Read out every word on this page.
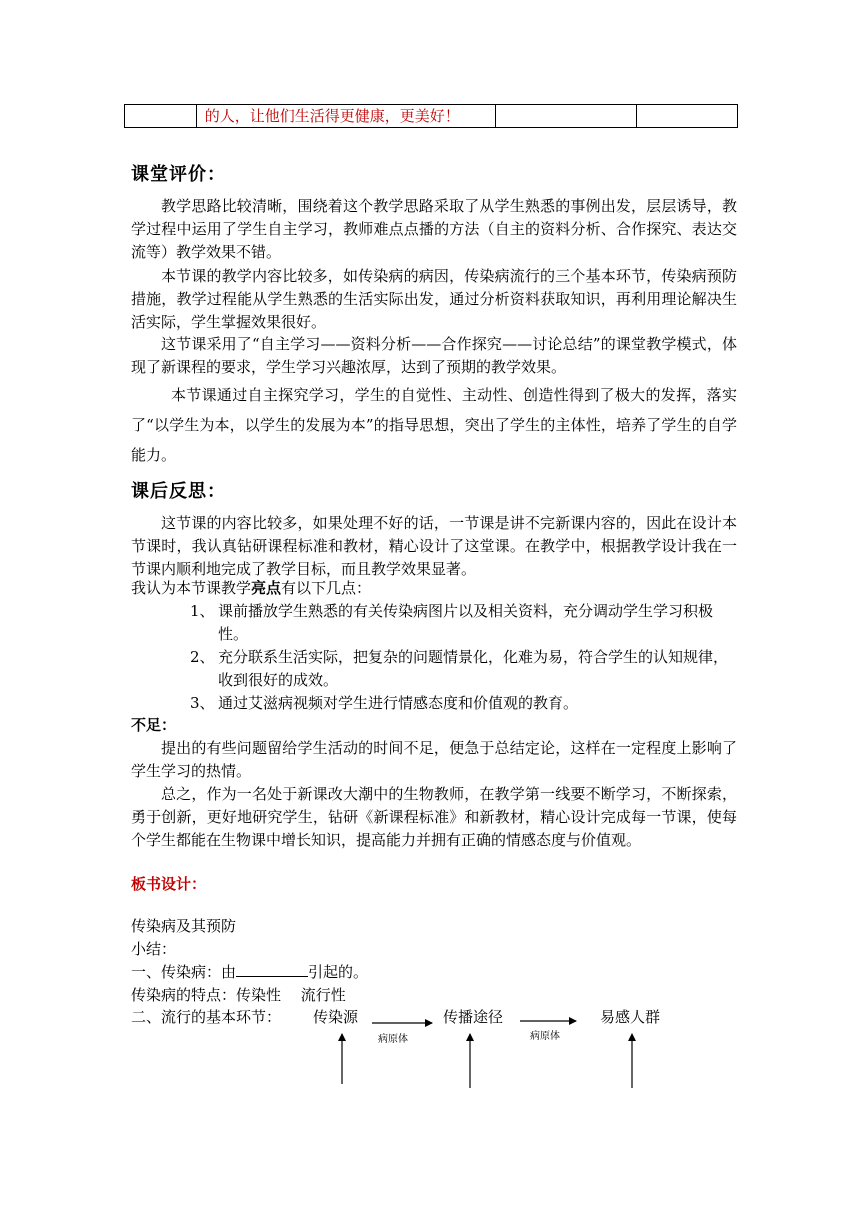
的人，让他们生活得更健康，更美好！
课堂评价：
教学思路比较清晰，围绕着这个教学思路采取了从学生熟悉的事例出发，层层诱导，教学过程中运用了学生自主学习，教师难点点播的方法（自主的资料分析、合作探究、表达交流等）教学效果不错。
本节课的教学内容比较多，如传染病的病因，传染病流行的三个基本环节，传染病预防措施，教学过程能从学生熟悉的生活实际出发，通过分析资料获取知识，再利用理论解决生活实际，学生掌握效果很好。
这节课采用了“自主学习——资料分析——合作探究——讨论总结”的课堂教学模式，体现了新课程的要求，学生学习兴趣浓厚，达到了预期的教学效果。
本节课通过自主探究学习，学生的自觉性、主动性、创造性得到了极大的发挥，落实了“以学生为本，以学生的发展为本”的指导思想，突出了学生的主体性，培养了学生的自学能力。
课后反思：
这节课的内容比较多，如果处理不好的话，一节课是讲不完新课内容的，因此在设计本节课时，我认真钻研课程标准和教材，精心设计了这堂课。在教学中，根据教学设计我在一节课内顺利地完成了教学目标，而且教学效果显著。
我认为本节课教学亮点有以下几点：
1、 课前播放学生熟悉的有关传染病图片以及相关资料，充分调动学生学习积极性。
2、 充分联系生活实际，把复杂的问题情景化，化难为易，符合学生的认知规律，收到很好的成效。
3、 通过艾滋病视频对学生进行情感态度和价值观的教育。
不足：
提出的有些问题留给学生活动的时间不足，便急于总结定论，这样在一定程度上影响了学生学习的热情。
总之，作为一名处于新课改大潮中的生物教师，在教学第一线要不断学习，不断探索，勇于创新，更好地研究学生，钻研《新课程标准》和新教材，精心设计完成每一节课，使每个学生都能在生物课中增长知识，提高能力并拥有正确的情感态度与价值观。
板书设计：
传染病及其预防
小结：
一、传染病：由	引起的。
传染病的特点：传染性　 流行性
二、流行的基本环节： 传染源	传播途径	易感人群
病原体	病原体
